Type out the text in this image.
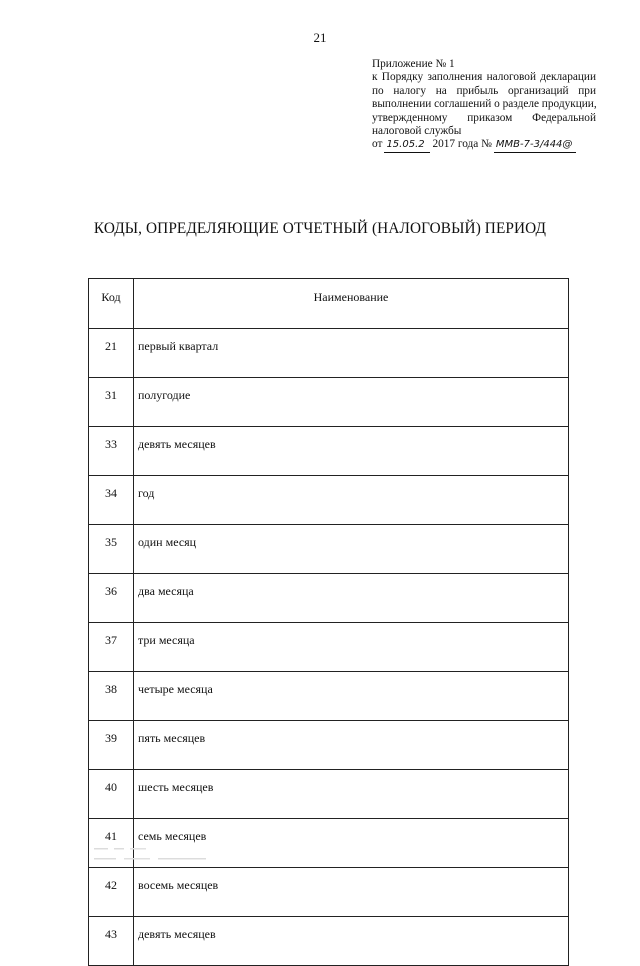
21
Приложение № 1
к Порядку заполнения налоговой декларации
по налогу на прибыль организаций при
выполнении соглашений о разделе продукции,
утвержденному приказом Федеральной
налоговой службы
от 15.05.2 2017 года № ММВ-7-3/444@
КОДЫ, ОПРЕДЕЛЯЮЩИЕ ОТЧЕТНЫЙ (НАЛОГОВЫЙ) ПЕРИОД
Код	Наименование
21	первый квартал
31	полугодие
33	девять месяцев
34	год
35	один месяц
36	два месяца
37	три месяца
38	четыре месяца
39	пять месяцев
40	шесть месяцев
41	семь месяцев
42	восемь месяцев
43	девять месяцев
